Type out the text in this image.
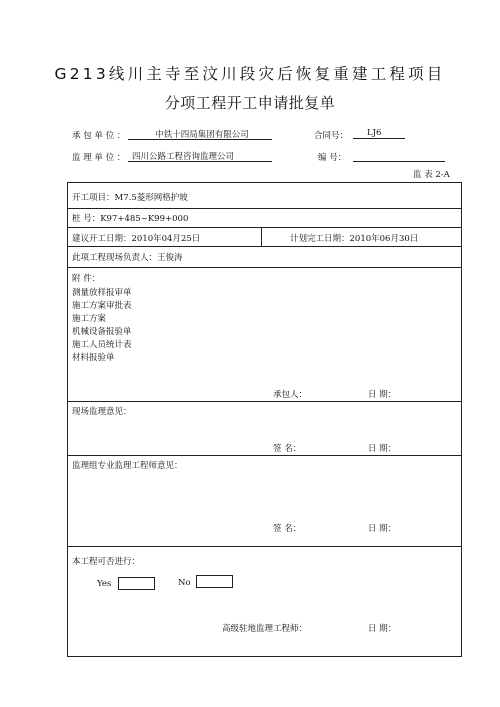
G213线川主寺至汶川段灾后恢复重建工程项目
分项工程开工申请批复单
承 包 单 位 ：	中铁十四局集团有限公司	合同号：	LJ6
监 理 单 位 ： 四川公路工程咨询监理公司	编 号：
监 表 2-A
开工项目：M7.5菱形网格护坡
桩 号：K97+485~K99+000
建议开工日期：2010年04月25日	计划完工日期：2010年06月30日
此项工程现场负责人：王俊涛
附 件：
测量放样报审单
施工方案审批表
施工方案
机械设备报验单
施工人员统计表
材料报验单
承包人：	日 期：
现场监理意见：
签 名：	日 期：
监理组专业监理工程师意见：
签 名：	日 期：
本工程可否进行：
Yes	No
高级驻地监理工程师：	日 期：
